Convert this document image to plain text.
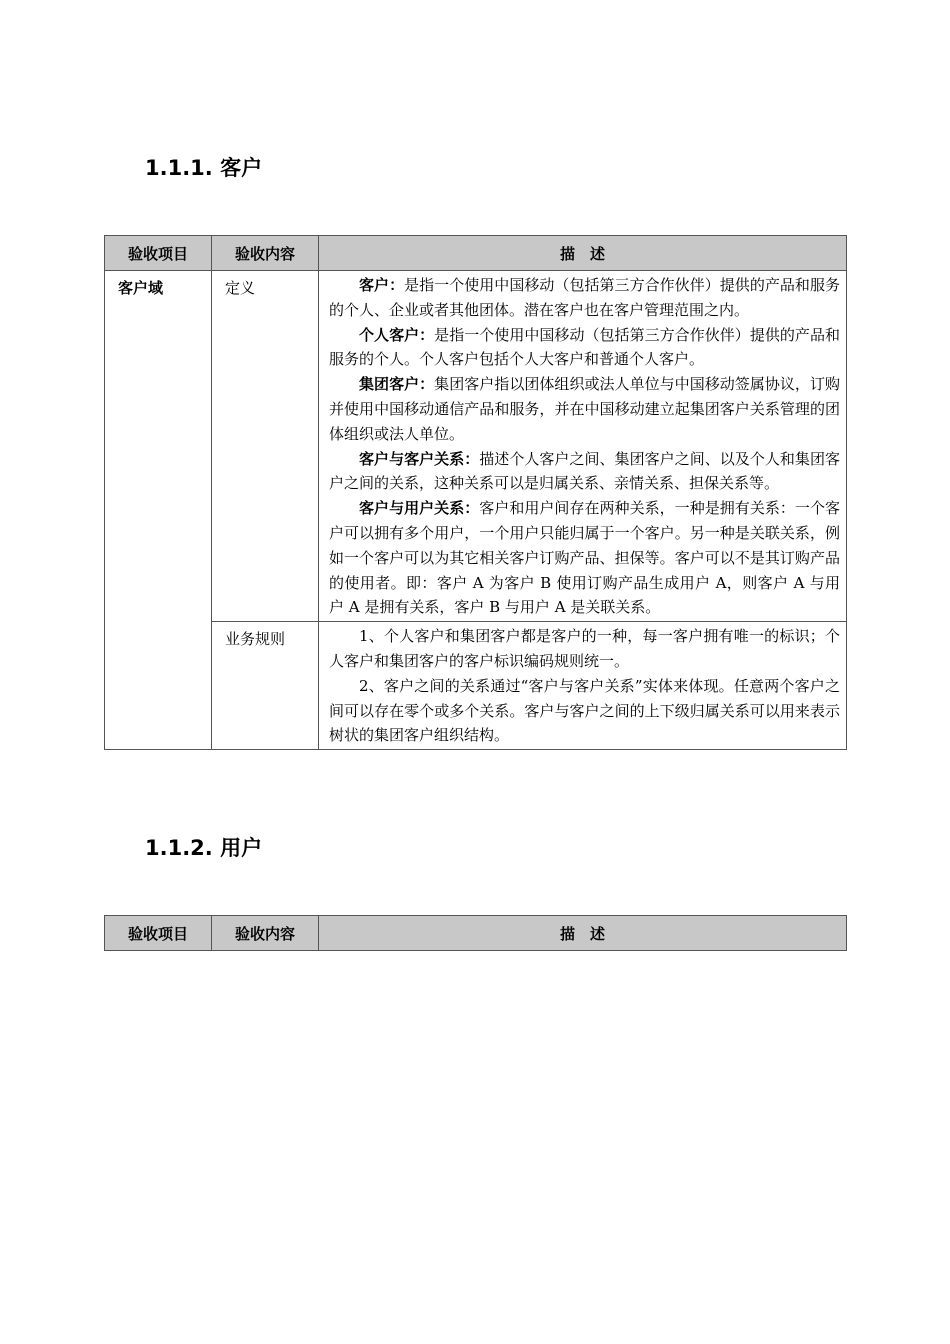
1.1.1. 客户
验收项目	验收内容	描　述
客户域	定义	客户：是指一个使用中国移动（包括第三方合作伙伴）提供的产品和服务的个人、企业或者其他团体。潜在客户也在客户管理范围之内。

个人客户：是指一个使用中国移动（包括第三方合作伙伴）提供的产品和服务的个人。个人客户包括个人大客户和普通个人客户。

集团客户：集团客户指以团体组织或法人单位与中国移动签属协议，订购并使用中国移动通信产品和服务，并在中国移动建立起集团客户关系管理的团体组织或法人单位。

客户与客户关系：描述个人客户之间、集团客户之间、以及个人和集团客户之间的关系，这种关系可以是归属关系、亲情关系、担保关系等。

客户与用户关系：客户和用户间存在两种关系，一种是拥有关系：一个客户可以拥有多个用户，一个用户只能归属于一个客户。另一种是关联关系，例如一个客户可以为其它相关客户订购产品、担保等。客户可以不是其订购产品的使用者。即：客户 A 为客户 B 使用订购产品生成用户 A，则客户 A 与用户 A 是拥有关系，客户 B 与用户 A 是关联关系。

	业务规则	1、个人客户和集团客户都是客户的一种，每一客户拥有唯一的标识；个人客户和集团客户的客户标识编码规则统一。

2、客户之间的关系通过“客户与客户关系”实体来体现。任意两个客户之间可以存在零个或多个关系。客户与客户之间的上下级归属关系可以用来表示树状的集团客户组织结构。

1.1.2. 用户
验收项目	验收内容	描　述
